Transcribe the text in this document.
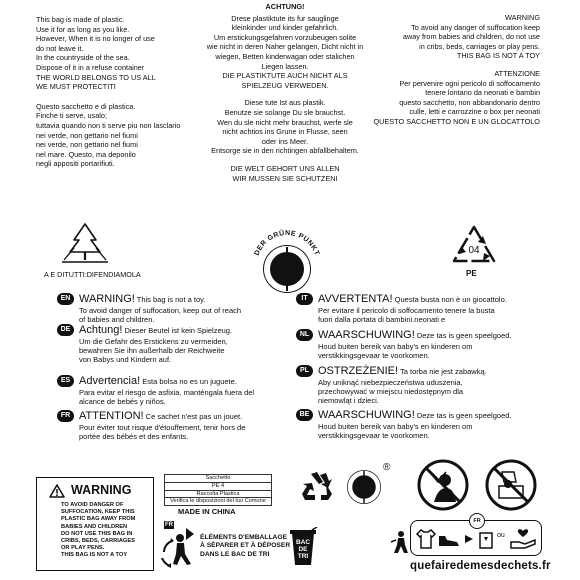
This bag is made of plastic.
Use it for as long as you like.
However, When it is no longer of use
do not leave it.
In the countryside of the sea.
Dispose of it in a refuse container
THE WORLD BELONGS TO US ALL
WE MUST PROTECTITI
Questo sacchetto e di plastica.
Finche ti serve, usalo;
tuttavia quando non ti serve piu non lasclario
nei verde, non gettario nel fiumi
nei verde, non gettario nel fiumi
nel mare. Questo, ma deponilo
negli appositi portarifiuti.
ACHTUNG!
Drese plastiktute its fur sauglinge
kleinkinder und kinder gefahrlich.
Um erstickungsgefahren vorzubeugen solite
wie nicht in deren Naher gelangen, Dicht nicht in
wiegen, Betten kinderwagan oder stalichen
Liegen lassen.
DIE PLASTIKTUTE AUCH NICHT ALS
SPIELZEUG VERWEDEN.
Diese tute Ist aus plastik.
Benutze sie solange Du sle brauchst.
Wen du sle nicht mehr brauchst, werfe sle
nicht achtios ins Grune in Flusse, seen
oder ins Meer.
Entsorge sie in den richtingen abfallbehaltem.
DIE WELT GEHORT UNS ALLEN
WIR MUSSEN SIE SCHUTZENI
WARNING
To avoid any danger of suffocation keep
away from babies and children, do not use
in cribs, beds, carriages or play pens.
THIS BAG IS NOT A TOY
ATTENZIONE
Per pervenire ogni pericolo di soffocamento
tenere lontano da neonati e bambin
questo sacchetto, non abbandonario dentro
culle, letti e carrozzine o box per neonati
QUESTO SACCHETTO NON E UN GLOCATTOLO
A E DITUTTI:DIFENDIAMOLA
DER GRÜNE PUNKT	04
PE
EN WARNING! This bag is not a toy.
To avoid danger of suffocation, keep out of reach
of babies and children.
DE Achtung! Dieser Beutel ist kein Spielzeug.
Um die Gefahr des Erstickens zu vermeiden,
bewahren Sie ihn außerhalb der Reichweite
von Babys und Kindern auf.
ES Advertencia! Esta bolsa no es un juguete.
Para evitar el riesgo de asfixia, manténgala fuera del
alcance de bebés y niños.
FR ATTENTION! Ce sachet n'est pas un jouet.
Pour éviter tout risque d'étouffement, tenir hors de
portée des bébés et des enfants.
IT AVVERTENTA! Questa busta non è un giocattolo.
Per evitare il pericolo di soffocamento tenere la busta
fuori dalla portata di bambini.neonati e
NL WAARSCHUWING! Deze tas is geen speelgoed.
Houd buiten bereik van baby's en kinderen om
verstikkingsgevaar te voorkomen.
PL OSTRZEŻENIE! Ta torba nie jest zabawką.
Aby uniknąć niebezpieczeństwa uduszenia,
przechowywać w miejscu niedostępnym dla
niemowląt i dzieci.
BE WAARSCHUWING! Deze tas is geen speelgoed.
Houd buiten bereik van baby's en kinderen om
verstikkingsgevaar te voorkomen.
WARNING
TO AVOID DANGER OF
SUFFOCATION, KEEP THIS
PLASTIC BAG AWAY FROM
BABIES AND CHILDREN
DO NOT USE THIS BAG IN
CRIBS, BEDS, CARRIAGES
OR PLAY PENS.
THIS BAG IS NOT A TOY
Sacchetto
PE 4
Raccolta Plastica
Verifica le disposizioni del tuo Comune
MADE IN CHINA
®
FR
ÉLÉMENTS D'EMBALLAGE
À SÉPARER ET À DÉPOSER
DANS LE BAC DE TRI
BAC
DE
TRI
FR
ou
quefairedemesdechets.fr
